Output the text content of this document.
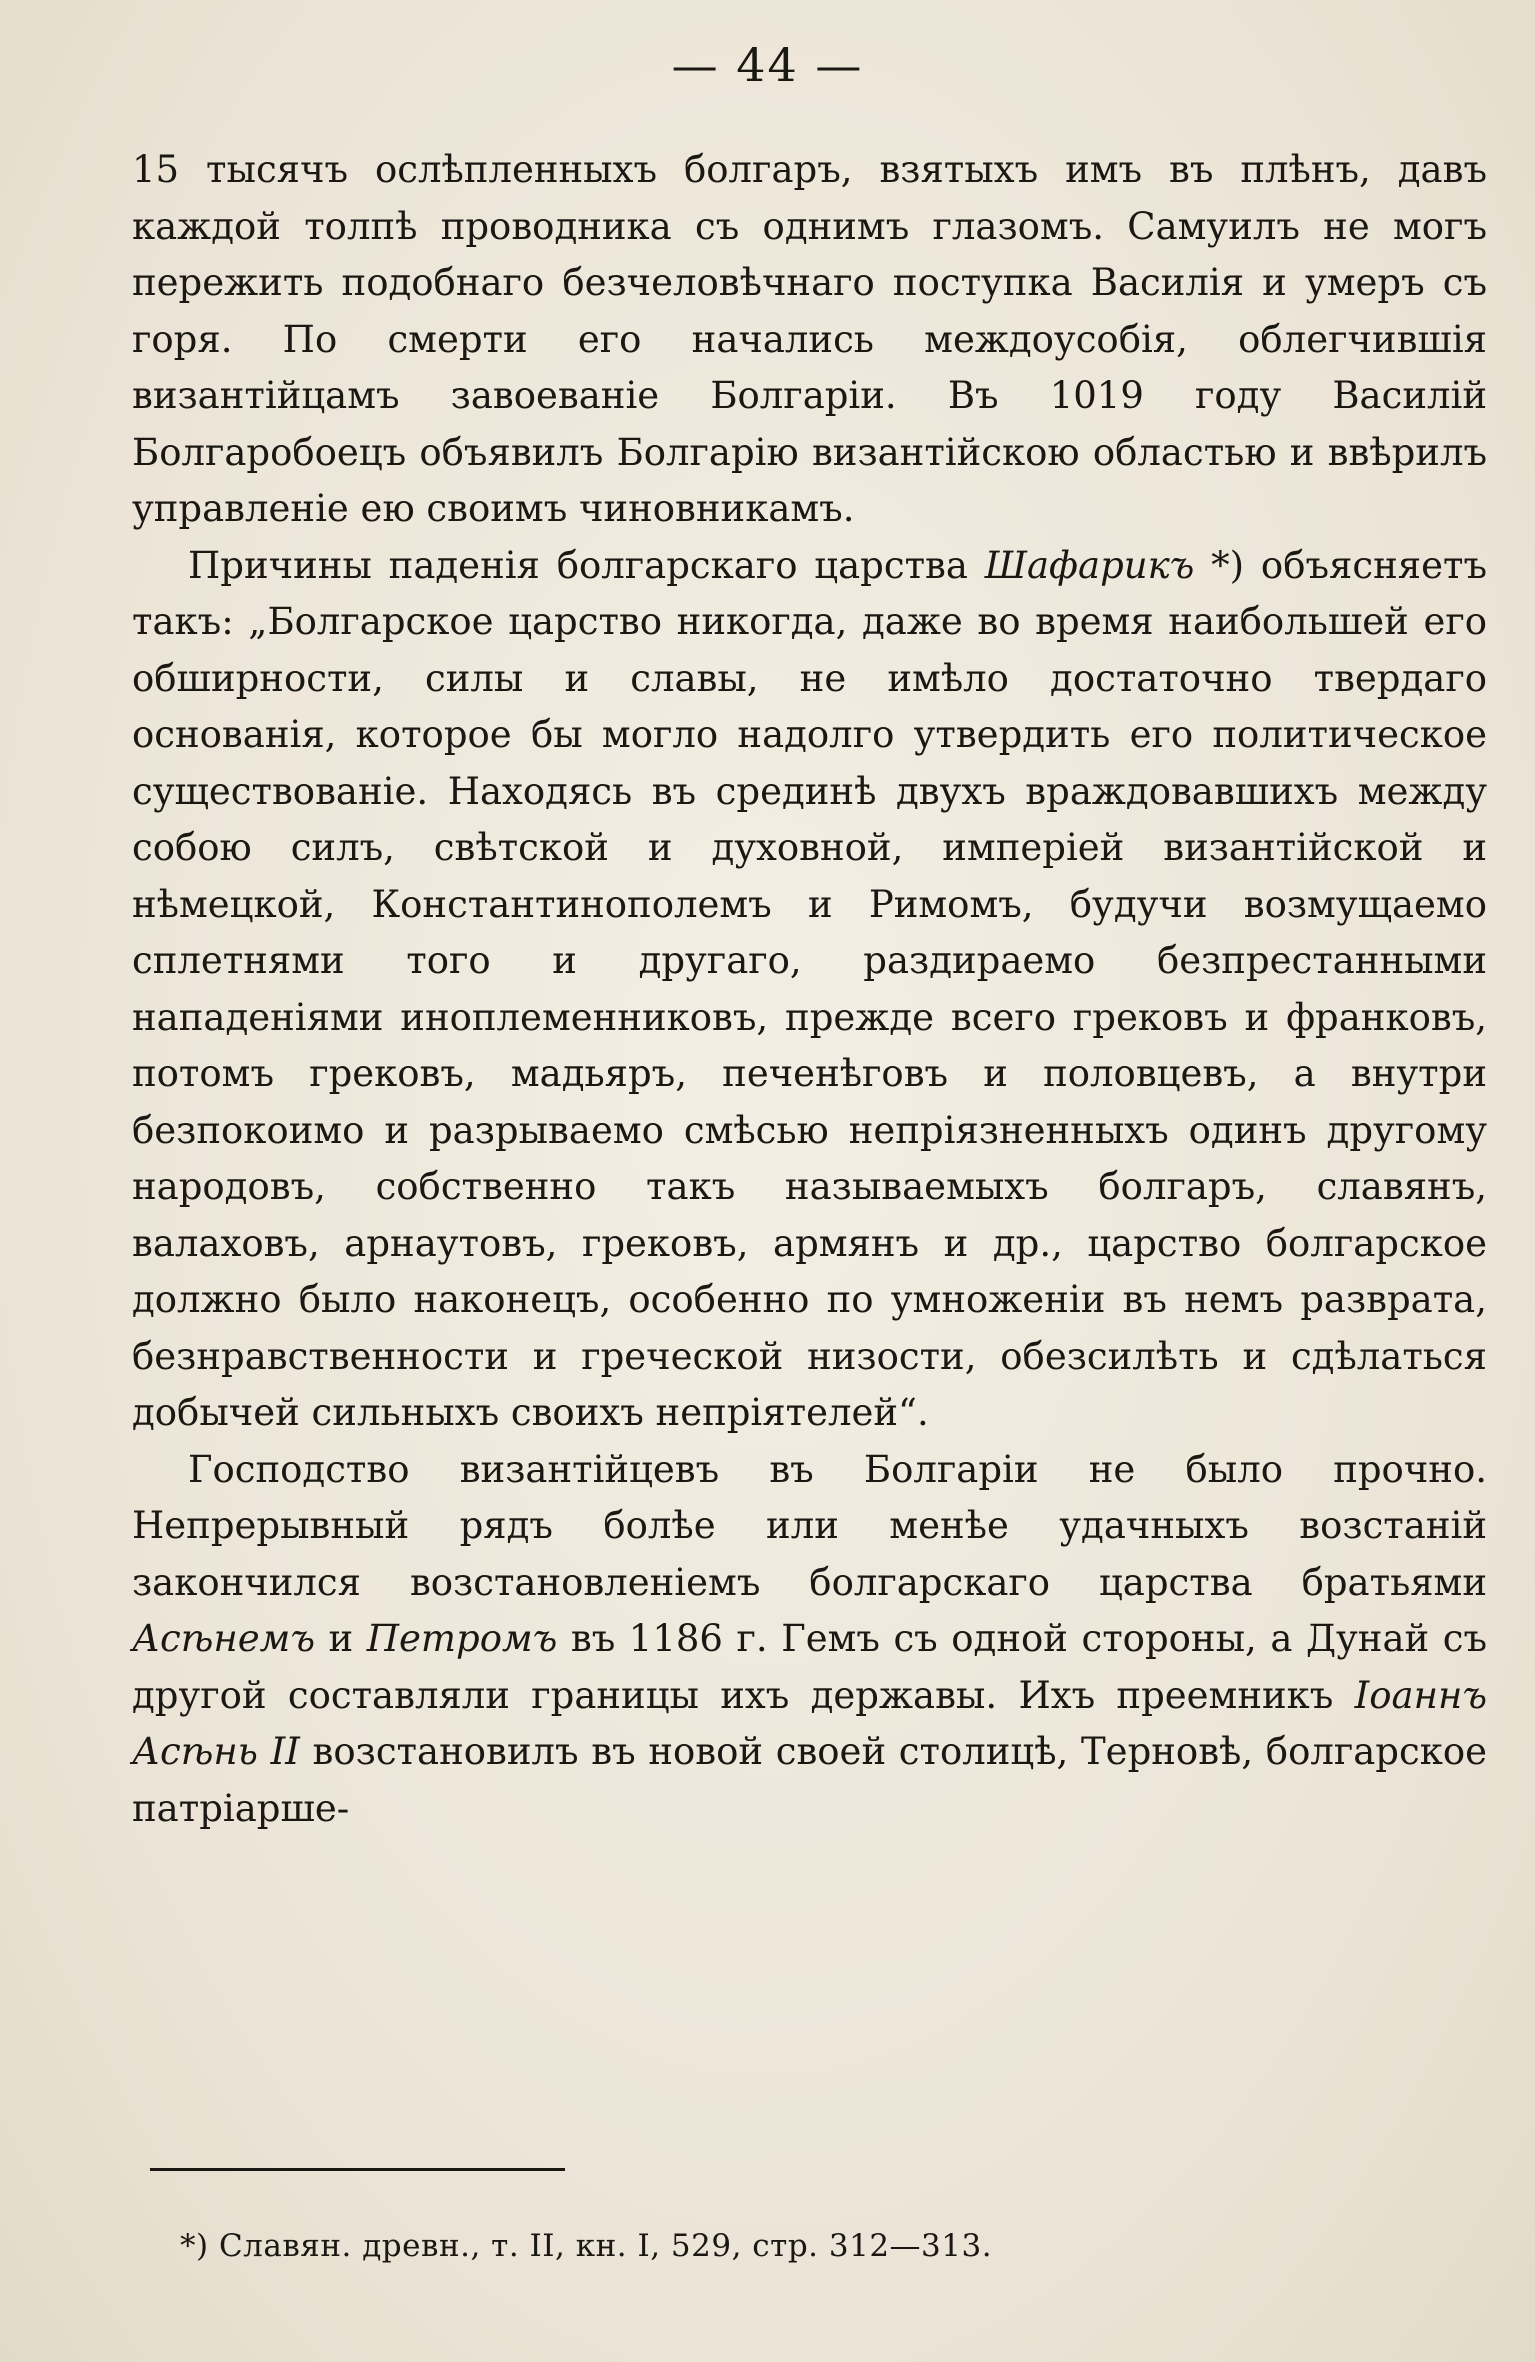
— 44 —

15 тысячъ ослѣпленныхъ болгаръ, взятыхъ имъ въ плѣнъ, давъ каждой толпѣ проводника съ однимъ глазомъ. Самуилъ не могъ пережить подобнаго безчеловѣчнаго поступка Василія и умеръ съ горя. По смерти его начались междоусобія, облегчившія византійцамъ завоеваніе Болгаріи. Въ 1019 году Василій Болгаробоецъ объявилъ Болгарію византійскою областью и ввѣрилъ управленіе ею своимъ чиновникамъ.

Причины паденія болгарскаго царства Шафарикъ *) объясняетъ такъ: „Болгарское царство никогда, даже во время наибольшей его обширности, силы и славы, не имѣло достаточно твердаго основанія, которое бы могло надолго утвердить его политическое существованіе. Находясь въ срединѣ двухъ враждовавшихъ между собою силъ, свѣтской и духовной, имперіей византійской и нѣмецкой, Константинополемъ и Римомъ, будучи возмущаемо сплетнями того и другаго, раздираемо безпрестанными нападеніями иноплеменниковъ, прежде всего грековъ и франковъ, потомъ грековъ, мадьяръ, печенѣговъ и половцевъ, а внутри безпокоимо и разрываемо смѣсью непріязненныхъ одинъ другому народовъ, собственно такъ называемыхъ болгаръ, славянъ, валаховъ, арнаутовъ, грековъ, армянъ и др., царство болгарское должно было наконецъ, особенно по умноженіи въ немъ разврата, безнравственности и греческой низости, обезсилѣть и сдѣлаться добычей сильныхъ своихъ непріятелей“.

Господство византійцевъ въ Болгаріи не было прочно. Непрерывный рядъ болѣе или менѣе удачныхъ возстаній закончился возстановленіемъ болгарскаго царства братьями Асѣнемъ и Петромъ въ 1186 г. Гемъ съ одной стороны, а Дунай съ другой составляли границы ихъ державы. Ихъ преемникъ Іоаннъ Асѣнь II возстановилъ въ новой своей столицѣ, Терновѣ, болгарское патріарше-

*) Славян. древн., т. II, кн. I, 529, стр. 312—313.
